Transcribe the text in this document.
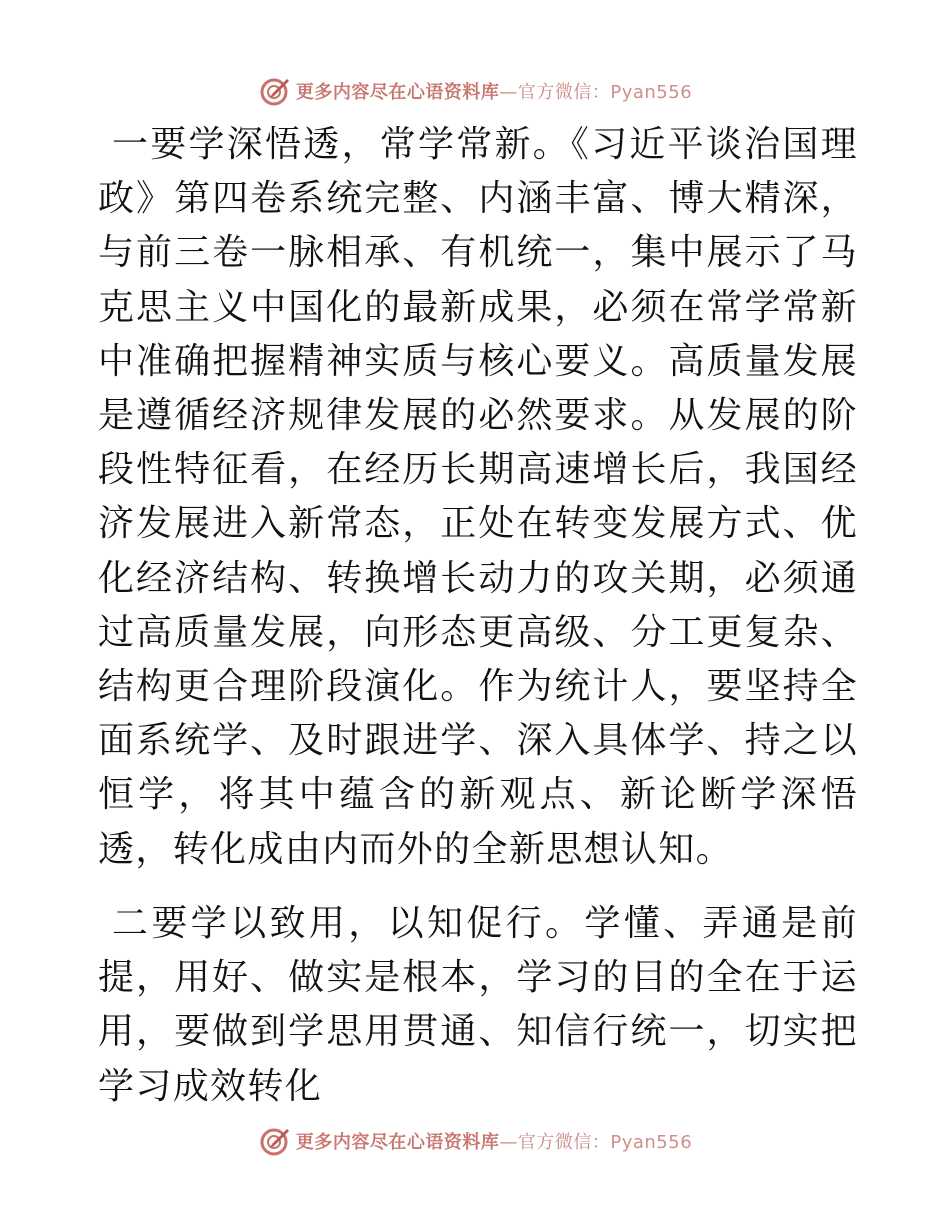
更多内容尽在心语资料库—官方微信：Pyan556

一要学深悟透，常学常新。《习近平谈治国理政》第四卷系统完整、内涵丰富、博大精深，与前三卷一脉相承、有机统一，集中展示了马克思主义中国化的最新成果，必须在常学常新中准确把握精神实质与核心要义。高质量发展是遵循经济规律发展的必然要求。从发展的阶段性特征看，在经历长期高速增长后，我国经济发展进入新常态，正处在转变发展方式、优化经济结构、转换增长动力的攻关期，必须通过高质量发展，向形态更高级、分工更复杂、结构更合理阶段演化。作为统计人，要坚持全面系统学、及时跟进学、深入具体学、持之以恒学，将其中蕴含的新观点、新论断学深悟透，转化成由内而外的全新思想认知。

二要学以致用，以知促行。学懂、弄通是前提，用好、做实是根本，学习的目的全在于运用，要做到学思用贯通、知信行统一，切实把学习成效转化

更多内容尽在心语资料库—官方微信：Pyan556
